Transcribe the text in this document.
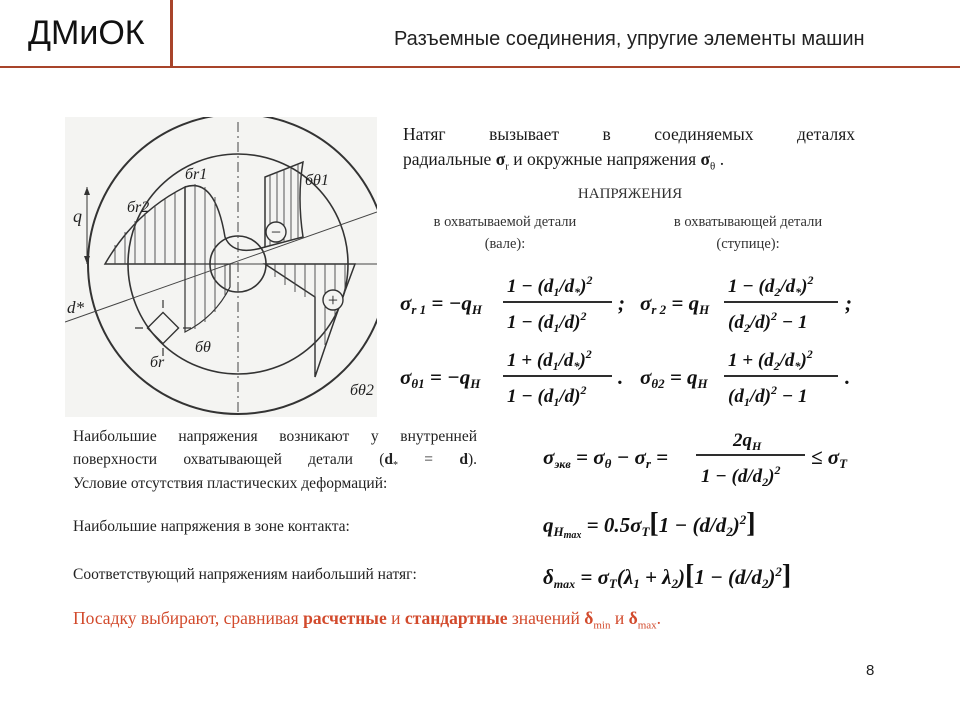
ДМиОК	Разъемные соединения, упругие элементы машин
−
+
q
d*
бr1
бr2
бθ1
бθ2
бr
бθ
Натяг вызывает в соединяемых деталях
радиальные $\sigma_r$ и окружные напряжения $\sigma_\theta$ .
НАПРЯЖЕНИЯ
в охватываемой детали
(вале):
в охватывающей детали
(ступице):
σr 1 = −qH
$1 - (d_1/d_*)^2$
$1 - (d_1/d)^2$
; σr 2 = qH
$1 - (d_2/d_*)^2$
$(d_2/d)^2 - 1$
;
σθ1 = −qH
$1 + (d_1/d_*)^2$
$1 - (d_1/d)^2$
. σθ2 = qH
$1 + (d_2/d_*)^2$
$(d_1/d)^2 - 1$
.
Наибольшие напряжения возникают у внутренней
поверхности охватывающей детали $(d_* = d)$.
Условие отсутствия пластических деформаций:
Наибольшие напряжения в зоне контакта:
Соответствующий напряжениям наибольший натяг:
σэкв = σθ − σr =
$2q_H$
$1 - (d/d_2)^2$
≤ σT
$qHmax = 0.5\sigma T[1 - (d/d2)^2]$
$\delta\max = \sigma T(\lambda 1 + \lambda 2)[1 - (d/d2)^2]$
Посадку выбирают, сравнивая расчетные и стандартные значений $\delta_{min}$ и $\delta_{max}$.
8
